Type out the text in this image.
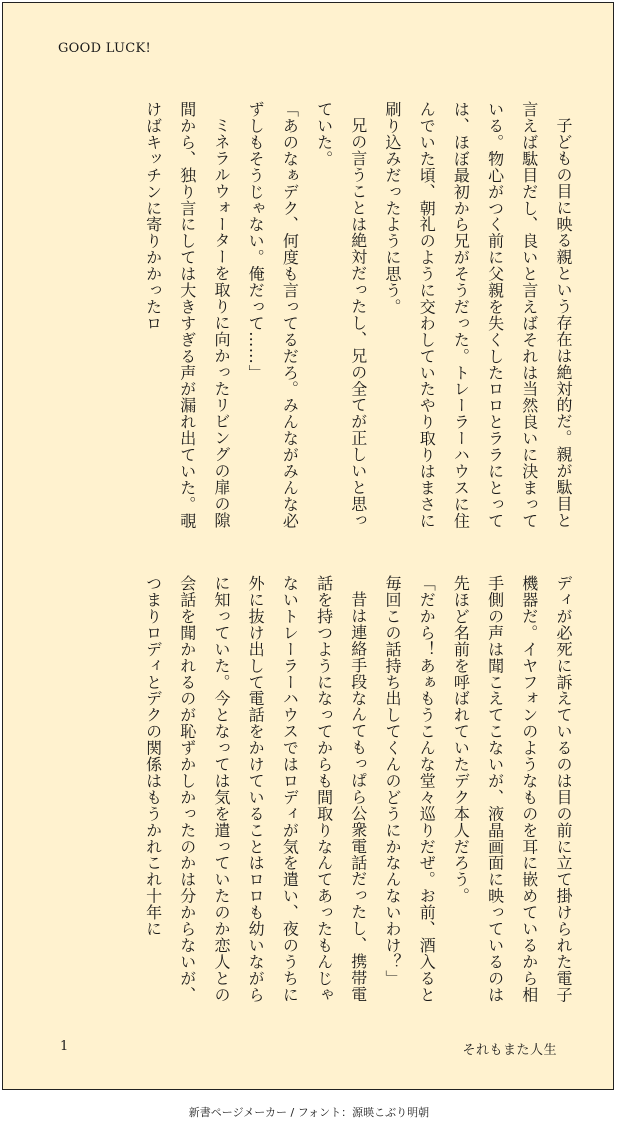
GOOD LUCK!

子どもの目に映る親という存在は絶対的だ。親が駄目と言えば駄目だし、良いと言えばそれは当然良いに決まっている。物心がつく前に父親を失くしたロロとララにとっては、ほぼ最初から兄がそうだった。トレーラーハウスに住んでいた頃、朝礼のように交わしていたやり取りはまさに刷り込みだったように思う。

兄の言うことは絶対だったし、兄の全てが正しいと思っていた。

「あのなぁデク、何度も言ってるだろ。みんながみんな必ずしもそうじゃない。俺だって……」

ミネラルウォーターを取りに向かったリビングの扉の隙間から、独り言にしては大きすぎる声が漏れ出ていた。覗けばキッチンに寄りかかったロ

ディが必死に訴えているのは目の前に立て掛けられた電子機器だ。イヤフォンのようなものを耳に嵌めているから相手側の声は聞こえてこないが、液晶画面に映っているのは先ほど名前を呼ばれていたデク本人だろう。

「だから！あぁもうこんな堂々巡りだぜ。お前、酒入ると毎回この話持ち出してくんのどうにかなんないわけ？」

昔は連絡手段なんてもっぱら公衆電話だったし、携帯電話を持つようになってからも間取りなんてあったもんじゃないトレーラーハウスではロディが気を遣い、夜のうちに外に抜け出して電話をかけていることはロロも幼いながらに知っていた。今となっては気を遣っていたのか恋人との会話を聞かれるのが恥ずかしかったのかは分からないが、つまりロディとデクの関係はもうかれこれ十年に

1	それもまた人生
新書ページメーカー / フォント：源暎こぶり明朝
